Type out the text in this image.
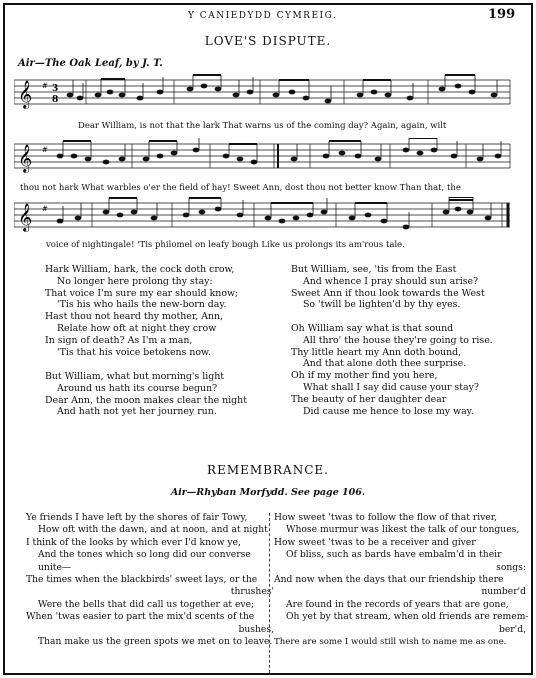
Y CANIEDYDD CYMREIG.	199
LOVE'S DISPUTE.
Air—The Oak Leaf, by J. T.
𝄞 # 3
8
Dear William, is not that the lark That warns us of the coming day? Again, again, wilt
𝄞 #
thou not hark What warbles o'er the field of hay! Sweet Ann, dost thou not better know Than that, the
𝄞 #
voice of nightingale! 'Tis philomel on leafy bough Like us prolongs its am'rous tale.
Hark William, hark, the cock doth crow,
No longer here prolong thy stay:
That voice I'm sure my ear should know;
'Tis his who hails the new-born day.
Hast thou not heard thy mother, Ann,
Relate how oft at night they crow
In sign of death? As I'm a man,
'Tis that his voice betokens now.
But William, what but morning's light
Around us hath its course begun?
Dear Ann, the moon makes clear the night
And hath not yet her journey run.
But William, see, 'tis from the East
And whence I pray should sun arise?
Sweet Ann if thou look towards the West
So 'twill be lighten'd by thy eyes.
Oh William say what is that sound
All thro' the house they're going to rise.
Thy little heart my Ann doth bound,
And that alone doth thee surprise.
Oh if my mother find you here,
What shall I say did cause your stay?
The beauty of her daughter dear
Did cause me hence to lose my way.
REMEMBRANCE.
Air—Rhyban Morfydd. See page 106.
Ye friends I have left by the shores of fair Towy,
How oft with the dawn, and at noon, and at night
I think of the looks by which ever I'd know ye,
And the tones which so long did our converse
unite—
The times when the blackbirds' sweet lays, or the
thrushes'
Were the bells that did call us together at eve;
When 'twas easier to part the mix'd scents of the
bushes,
Than make us the green spots we met on to leave.
How sweet 'twas to follow the flow of that river,
Whose murmur was likest the talk of our tongues,
How sweet 'twas to be a receiver and giver
Of bliss, such as bards have embalm'd in their
songs:
And now when the days that our friendship there
number'd
Are found in the records of years that are gone,
Oh yet by that stream, when old friends are remem-
ber'd,
There are some I would still wish to name me as one.
